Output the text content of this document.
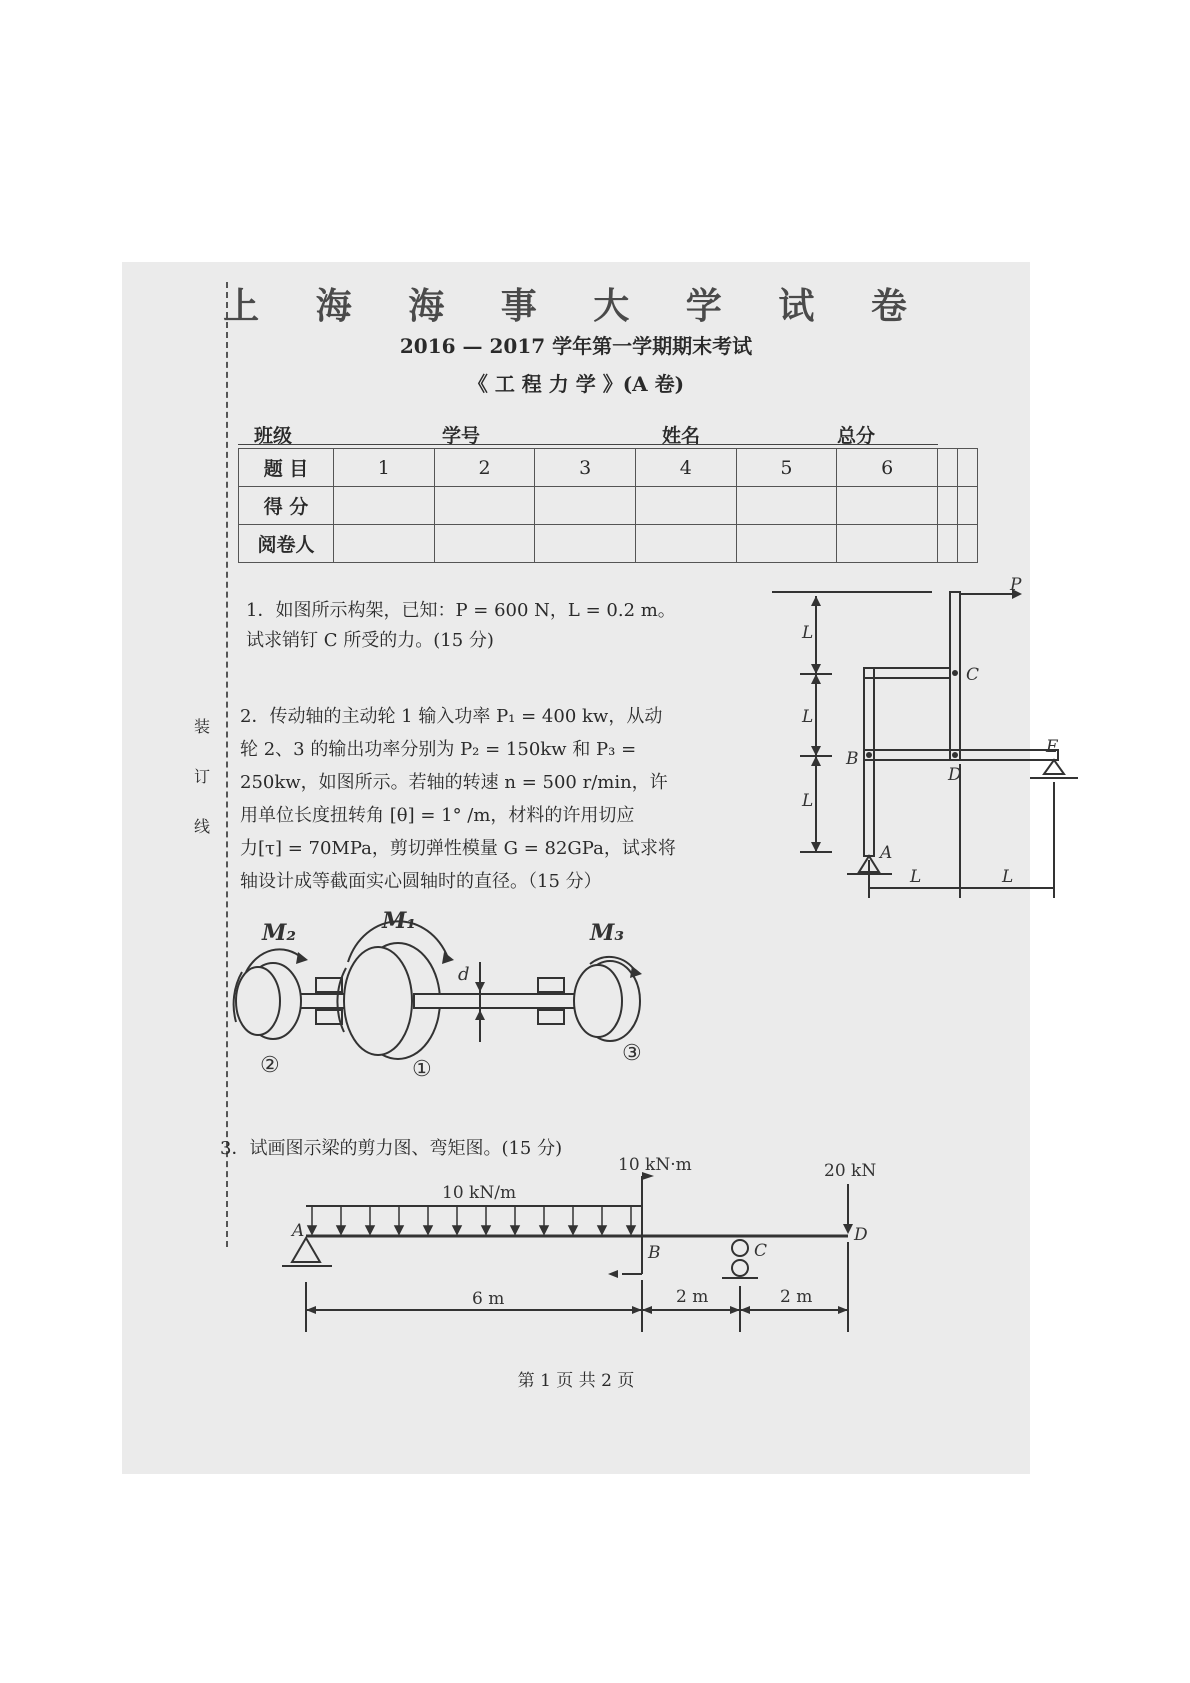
装
订
线
上 海 海 事 大 学 试 卷
2016 — 2017 学年第一学期期末考试
《 工 程 力 学 》(A 卷)
班级	学号	姓名	总分
题 目	1	2	3	4	5	6		
得 分								
阅卷人								
1．如图所示构架，已知：P = 600 N，L = 0.2 m。
试求销钉 C 所受的力。(15 分)
2．传动轴的主动轮 1 输入功率 P₁ = 400 kw，从动
轮 2、3 的输出功率分别为 P₂ = 150kw 和 P₃ =
250kw，如图所示。若轴的转速 n = 500 r/min，许
用单位长度扭转角 [θ] = 1° /m，材料的许用切应
力[τ] = 70MPa，剪切弹性模量 G = 82GPa，试求将
轴设计成等截面实心圆轴时的直径。（15 分）
P
L
L
L
C
B
D
E
A
L	L
M₂	M₁	M₃
d
②	①
③
3．试画图示梁的剪力图、弯矩图。(15 分)
10 kN/m
10 kN·m	20 kN
6 m	2 m	2 m
A
B	C
D
第 1 页 共 2 页
